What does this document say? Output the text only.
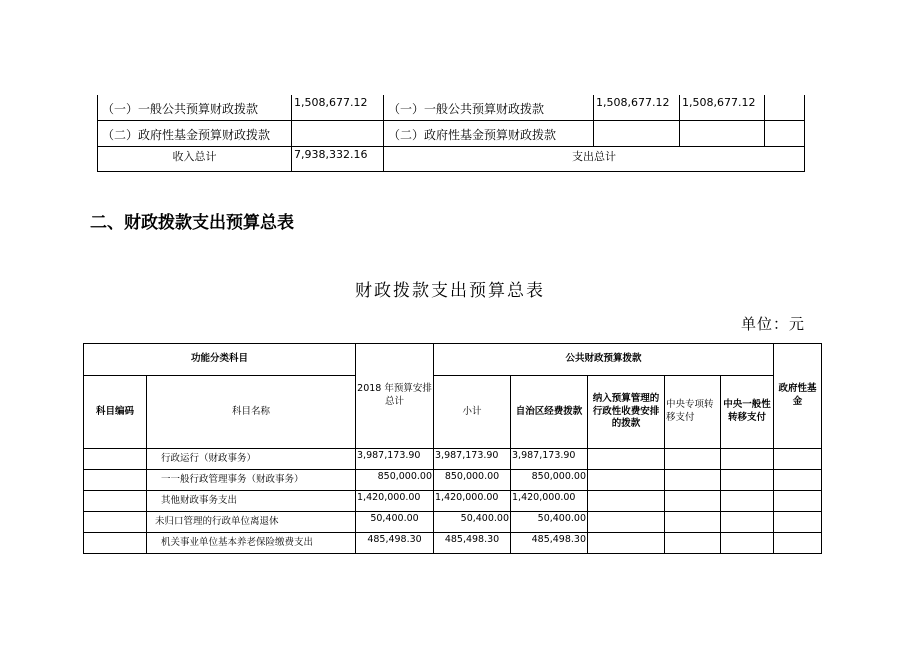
（一）一般公共预算财政拨款	1,508,677.12	（一）一般公共预算财政拨款	1,508,677.12	1,508,677.12	
（二）政府性基金预算财政拨款		（二）政府性基金预算财政拨款			
收入总计	7,938,332.16	支出总计			
二、财政拨款支出预算总表
财政拨款支出预算总表
单位：元
功能分类科目		2018 年预算安排总计	公共财政预算拨款					政府性基金
科目编码	科目名称		小计	自治区经费拨款	纳入预算管理的行政性收费安排的拨款	中央专项转移支付	中央一般性转移支付	
	行政运行（财政事务）	3,987,173.90	3,987,173.90	3,987,173.90				
	一一般行政管理事务（财政事务）	850,000.00	850,000.00	850,000.00				
	其他财政事务支出	1,420,000.00	1,420,000.00	1,420,000.00				
	未归口管理的行政单位离退休	50,400.00	50,400.00	50,400.00				
	机关事业单位基本养老保险缴费支出	485,498.30	485,498.30	485,498.30				
